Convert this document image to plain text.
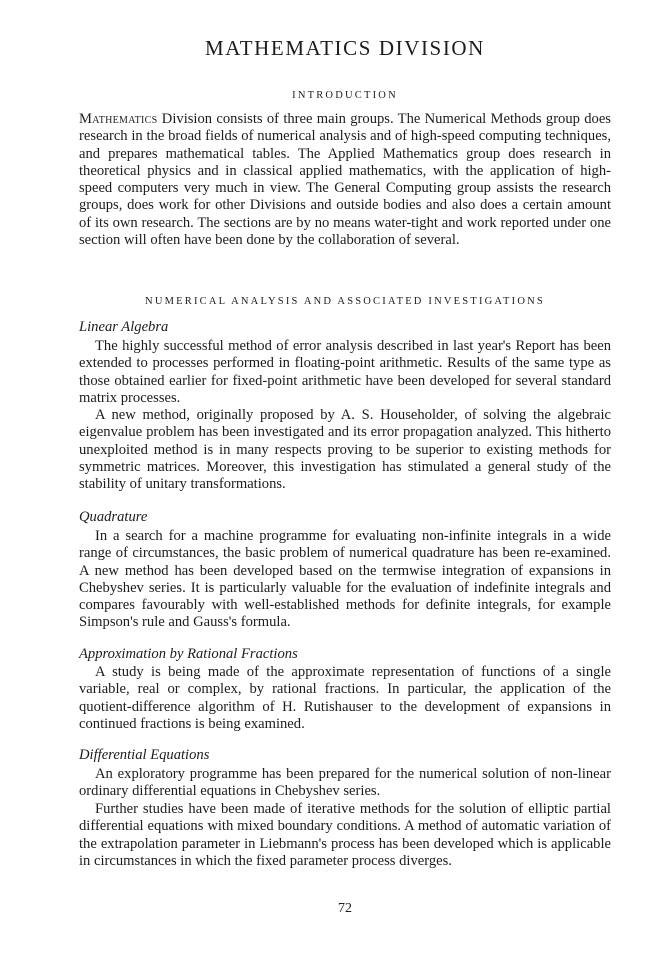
MATHEMATICS DIVISION
INTRODUCTION

Mathematics Division consists of three main groups. The Numerical Methods group does research in the broad fields of numerical analysis and of high-speed computing techniques, and prepares mathematical tables. The Applied Mathematics group does research in theoretical physics and in classical applied mathematics, with the application of high-speed computers very much in view. The General Computing group assists the research groups, does work for other Divisions and outside bodies and also does a certain amount of its own research. The sections are by no means water-tight and work reported under one section will often have been done by the collaboration of several.

NUMERICAL ANALYSIS AND ASSOCIATED INVESTIGATIONS

Linear Algebra

The highly successful method of error analysis described in last year's Report has been extended to processes performed in floating-point arithmetic. Results of the same type as those obtained earlier for fixed-point arithmetic have been developed for several standard matrix processes.

A new method, originally proposed by A. S. Householder, of solving the algebraic eigenvalue problem has been investigated and its error propagation analyzed. This hitherto unexploited method is in many respects proving to be superior to existing methods for symmetric matrices. Moreover, this investigation has stimulated a general study of the stability of unitary transformations.

Quadrature

In a search for a machine programme for evaluating non-infinite integrals in a wide range of circumstances, the basic problem of numerical quadrature has been re-examined. A new method has been developed based on the termwise integration of expansions in Chebyshev series. It is particularly valuable for the evaluation of indefinite integrals and compares favourably with well-established methods for definite integrals, for example Simpson's rule and Gauss's formula.

Approximation by Rational Fractions

A study is being made of the approximate representation of functions of a single variable, real or complex, by rational fractions. In particular, the application of the quotient-difference algorithm of H. Rutishauser to the development of expansions in continued fractions is being examined.

Differential Equations

An exploratory programme has been prepared for the numerical solution of non-linear ordinary differential equations in Chebyshev series.

Further studies have been made of iterative methods for the solution of elliptic partial differential equations with mixed boundary conditions. A method of automatic variation of the extrapolation parameter in Liebmann's process has been developed which is applicable in circumstances in which the fixed parameter process diverges.

72
